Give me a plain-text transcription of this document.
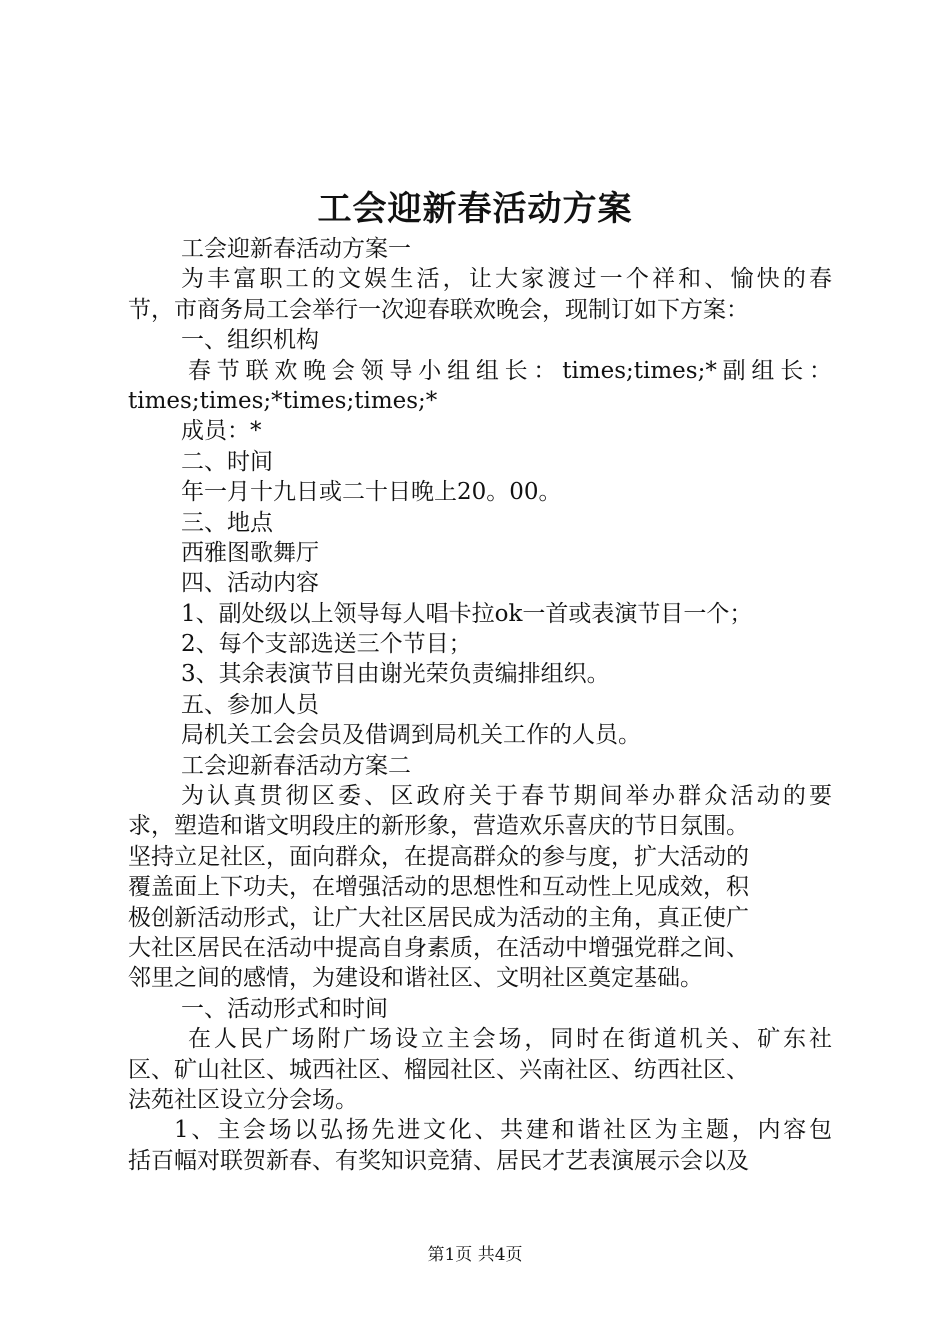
工会迎新春活动方案
工会迎新春活动方案一
为丰富职工的文娱生活，让大家渡过一个祥和、愉快的春
节，市商务局工会举行一次迎春联欢晚会，现制订如下方案：
一、组织机构
春节联欢晚会领导小组组长：times;times;*副组长：
times;times;*times;times;*
成员：*
二、时间
年一月十九日或二十日晚上20。00。
三、地点
西雅图歌舞厅
四、活动内容
1、副处级以上领导每人唱卡拉ok一首或表演节目一个；
2、每个支部选送三个节目；
3、其余表演节目由谢光荣负责编排组织。
五、参加人员
局机关工会会员及借调到局机关工作的人员。
工会迎新春活动方案二
为认真贯彻区委、区政府关于春节期间举办群众活动的要
求，塑造和谐文明段庄的新形象，营造欢乐喜庆的节日氛围。
坚持立足社区，面向群众，在提高群众的参与度，扩大活动的
覆盖面上下功夫，在增强活动的思想性和互动性上见成效，积
极创新活动形式，让广大社区居民成为活动的主角，真正使广
大社区居民在活动中提高自身素质，在活动中增强党群之间、
邻里之间的感情，为建设和谐社区、文明社区奠定基础。
一、活动形式和时间
在人民广场附广场设立主会场，同时在街道机关、矿东社
区、矿山社区、城西社区、榴园社区、兴南社区、纺西社区、
法苑社区设立分会场。
1、主会场以弘扬先进文化、共建和谐社区为主题，内容包
括百幅对联贺新春、有奖知识竞猜、居民才艺表演展示会以及
第1页 共4页
